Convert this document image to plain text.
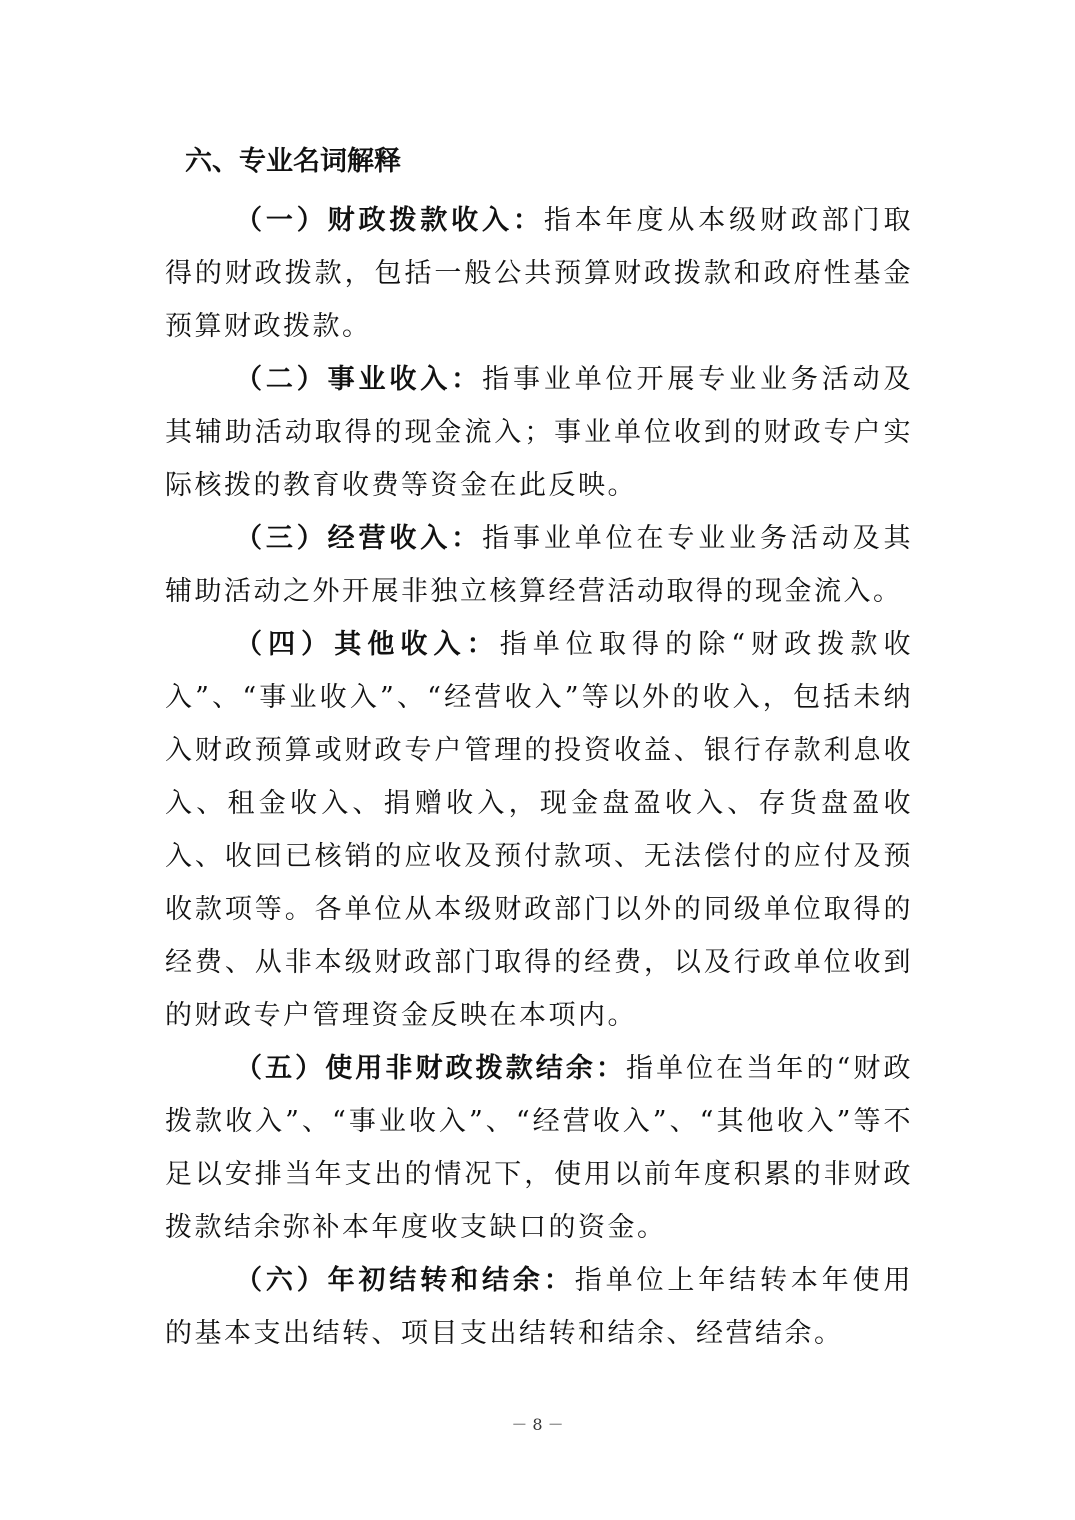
六、专业名词解释

（一）财政拨款收入：指本年度从本级财政部门取得的财政拨款，包括一般公共预算财政拨款和政府性基金预算财政拨款。

（二）事业收入：指事业单位开展专业业务活动及其辅助活动取得的现金流入；事业单位收到的财政专户实际核拨的教育收费等资金在此反映。

（三）经营收入：指事业单位在专业业务活动及其辅助活动之外开展非独立核算经营活动取得的现金流入。

（四）其他收入：指单位取得的除“财政拨款收入”、“事业收入”、“经营收入”等以外的收入，包括未纳入财政预算或财政专户管理的投资收益、银行存款利息收入、租金收入、捐赠收入，现金盘盈收入、存货盘盈收入、收回已核销的应收及预付款项、无法偿付的应付及预收款项等。各单位从本级财政部门以外的同级单位取得的经费、从非本级财政部门取得的经费，以及行政单位收到的财政专户管理资金反映在本项内。

（五）使用非财政拨款结余：指单位在当年的“财政拨款收入”、“事业收入”、“经营收入”、“其他收入”等不足以安排当年支出的情况下，使用以前年度积累的非财政拨款结余弥补本年度收支缺口的资金。

（六）年初结转和结余：指单位上年结转本年使用的基本支出结转、项目支出结转和结余、经营结余。

－ 8 －
